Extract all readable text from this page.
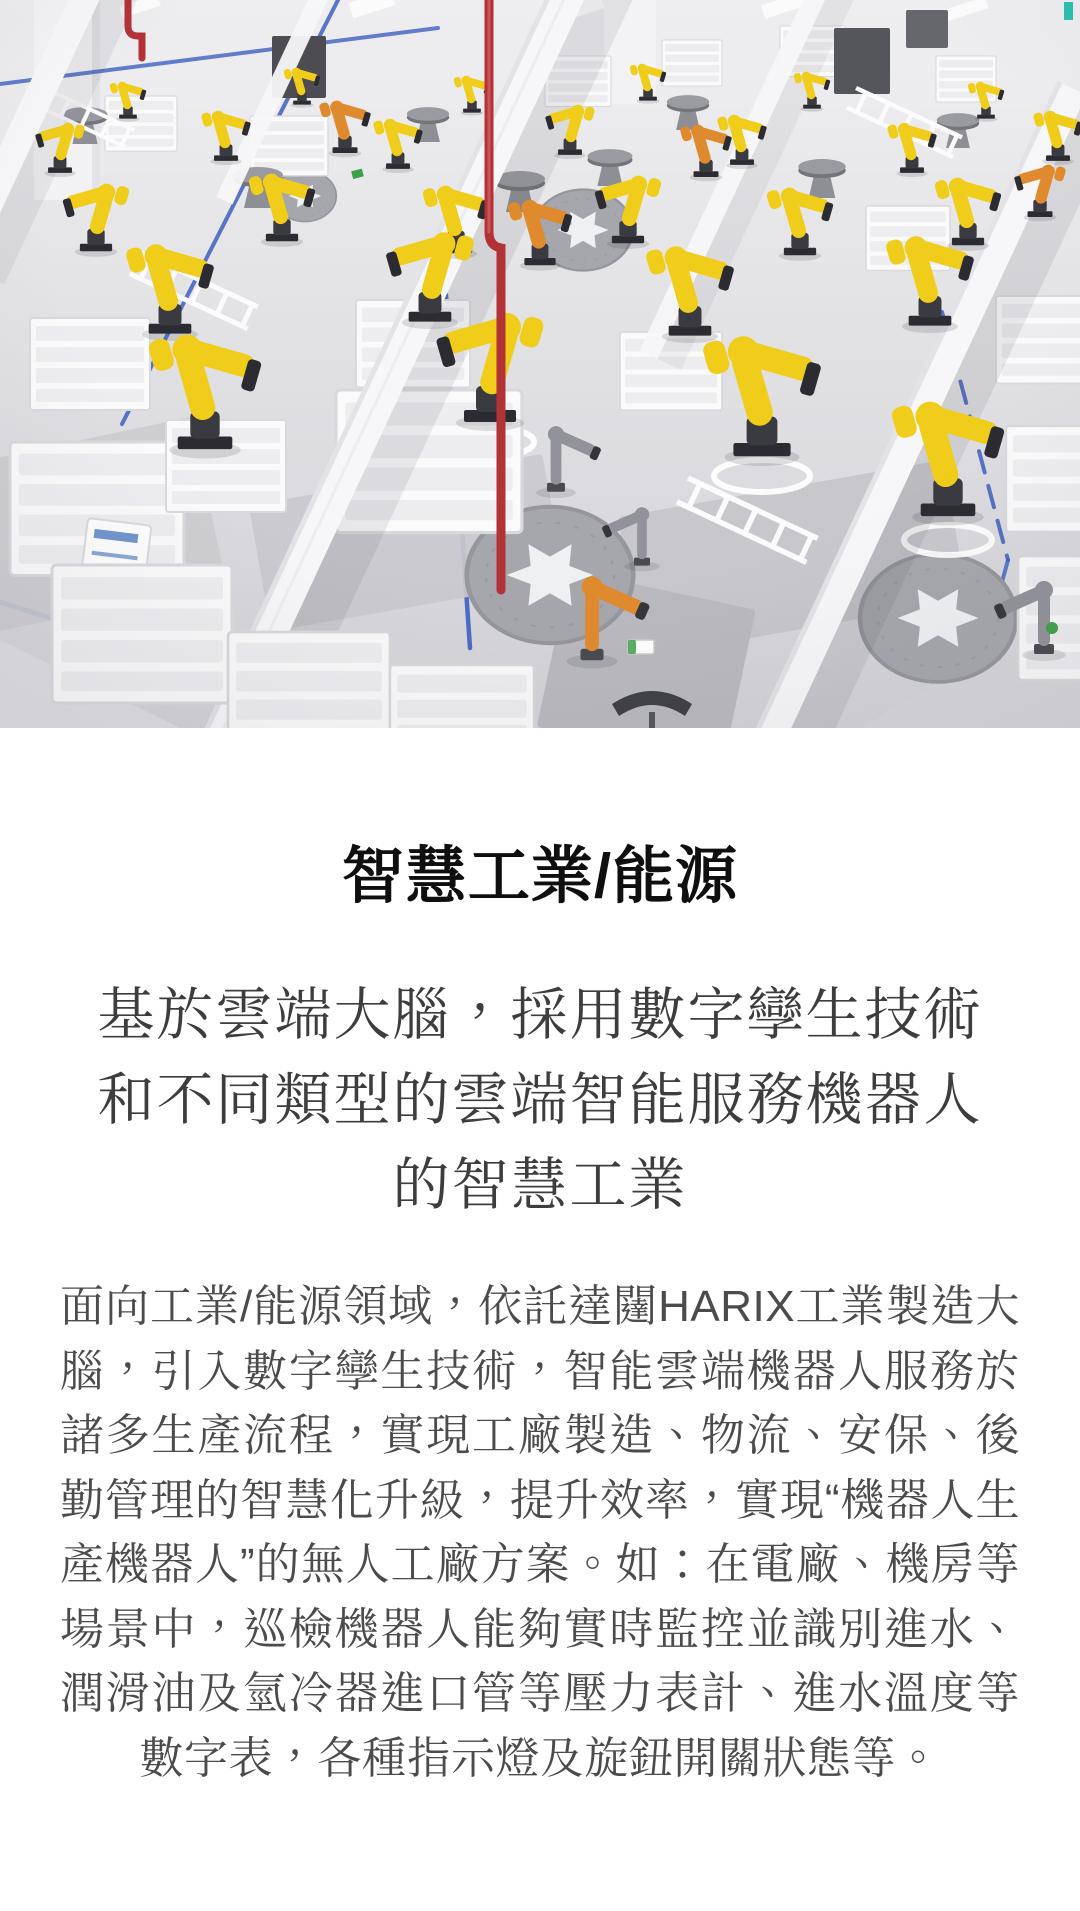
智慧工業/能源
基於雲端大腦，採用數字孿生技術
和不同類型的雲端智能服務機器人
的智慧工業

面向工業/能源領域，依託達闥HARIX工業製造大腦，引入數字孿生技術，智能雲端機器人服務於諸多生產流程，實現工廠製造、物流、安保、後勤管理的智慧化升級，提升效率，實現“機器人生產機器人”的無人工廠方案。如：在電廠、機房等場景中，巡檢機器人能夠實時監控並識別進水、潤滑油及氫冷器進口管等壓力表計、進水溫度等數字表，各種指示燈及旋鈕開關狀態等。
